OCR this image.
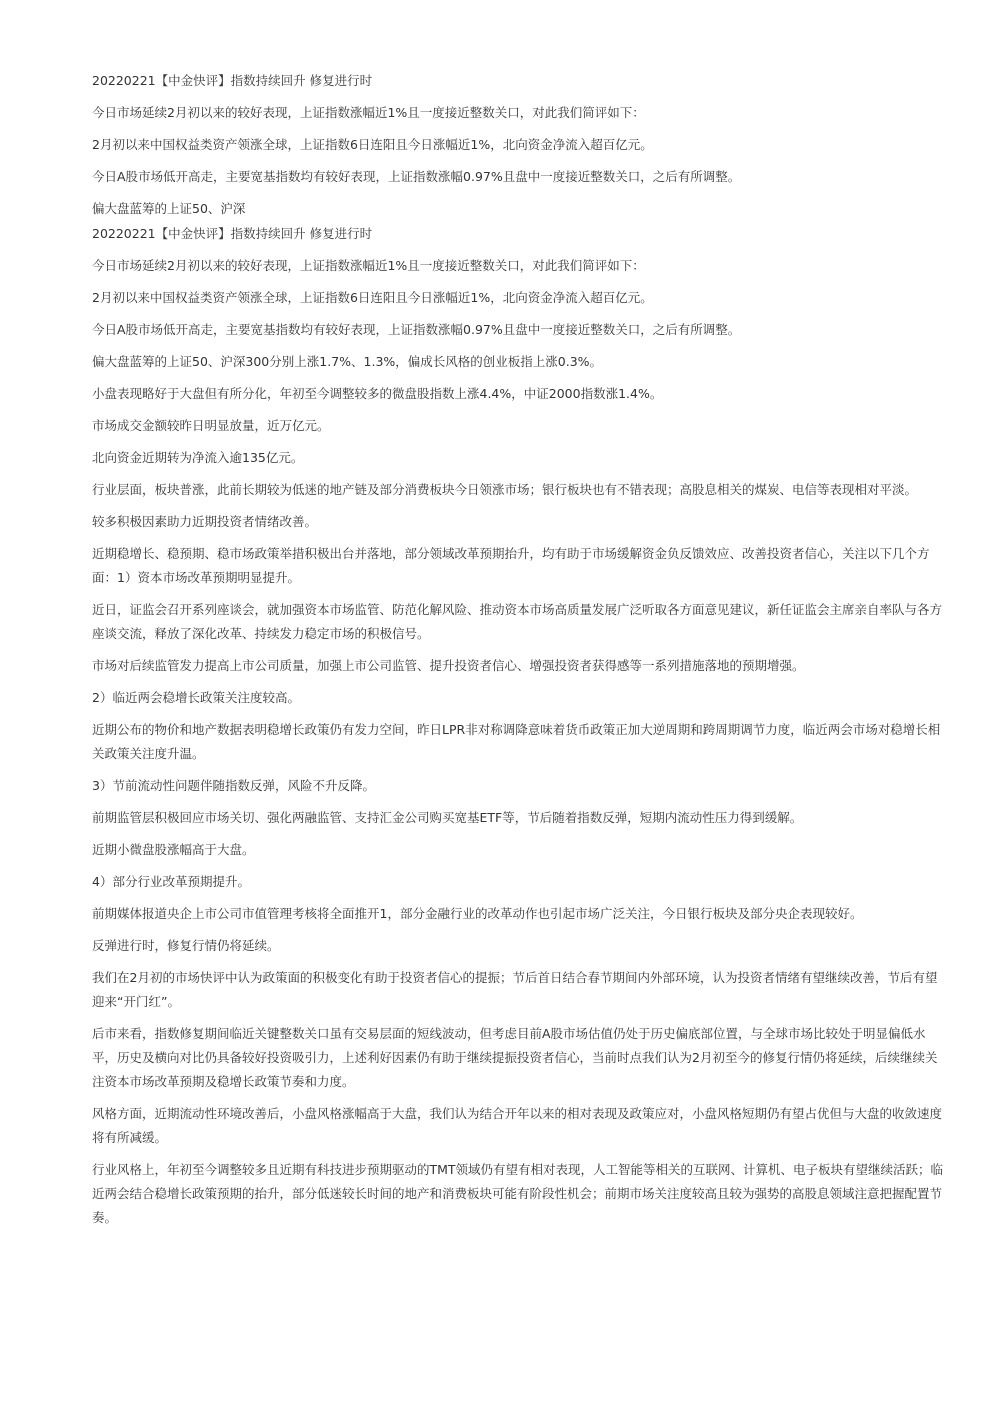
20220221【中金快评】指数持续回升 修复进行时

今日市场延续2月初以来的较好表现，上证指数涨幅近1%且一度接近整数关口，对此我们简评如下：

2月初以来中国权益类资产领涨全球，上证指数6日连阳且今日涨幅近1%，北向资金净流入超百亿元。

今日A股市场低开高走，主要宽基指数均有较好表现，上证指数涨幅0.97%且盘中一度接近整数关口，之后有所调整。

偏大盘蓝筹的上证50、沪深

20220221【中金快评】指数持续回升 修复进行时

今日市场延续2月初以来的较好表现，上证指数涨幅近1%且一度接近整数关口，对此我们简评如下：

2月初以来中国权益类资产领涨全球，上证指数6日连阳且今日涨幅近1%，北向资金净流入超百亿元。

今日A股市场低开高走，主要宽基指数均有较好表现，上证指数涨幅0.97%且盘中一度接近整数关口，之后有所调整。

偏大盘蓝筹的上证50、沪深300分别上涨1.7%、1.3%，偏成长风格的创业板指上涨0.3%。

小盘表现略好于大盘但有所分化，年初至今调整较多的微盘股指数上涨4.4%，中证2000指数涨1.4%。

市场成交金额较昨日明显放量，近万亿元。

北向资金近期转为净流入逾135亿元。

行业层面，板块普涨，此前长期较为低迷的地产链及部分消费板块今日领涨市场；银行板块也有不错表现；高股息相关的煤炭、电信等表现相对平淡。

较多积极因素助力近期投资者情绪改善。

近期稳增长、稳预期、稳市场政策举措积极出台并落地，部分领域改革预期抬升，均有助于市场缓解资金负反馈效应、改善投资者信心，关注以下几个方面：1）资本市场改革预期明显提升。

近日，证监会召开系列座谈会，就加强资本市场监管、防范化解风险、推动资本市场高质量发展广泛听取各方面意见建议，新任证监会主席亲自率队与各方座谈交流，释放了深化改革、持续发力稳定市场的积极信号。

市场对后续监管发力提高上市公司质量，加强上市公司监管、提升投资者信心、增强投资者获得感等一系列措施落地的预期增强。

2）临近两会稳增长政策关注度较高。

近期公布的物价和地产数据表明稳增长政策仍有发力空间，昨日LPR非对称调降意味着货币政策正加大逆周期和跨周期调节力度，临近两会市场对稳增长相关政策关注度升温。

3）节前流动性问题伴随指数反弹，风险不升反降。

前期监管层积极回应市场关切、强化两融监管、支持汇金公司购买宽基ETF等，节后随着指数反弹，短期内流动性压力得到缓解。

近期小微盘股涨幅高于大盘。

4）部分行业改革预期提升。

前期媒体报道央企上市公司市值管理考核将全面推开1，部分金融行业的改革动作也引起市场广泛关注，今日银行板块及部分央企表现较好。

反弹进行时，修复行情仍将延续。

我们在2月初的市场快评中认为政策面的积极变化有助于投资者信心的提振；节后首日结合春节期间内外部环境，认为投资者情绪有望继续改善，节后有望迎来“开门红”。

后市来看，指数修复期间临近关键整数关口虽有交易层面的短线波动，但考虑目前A股市场估值仍处于历史偏底部位置，与全球市场比较处于明显偏低水平，历史及横向对比仍具备较好投资吸引力，上述利好因素仍有助于继续提振投资者信心，当前时点我们认为2月初至今的修复行情仍将延续，后续继续关注资本市场改革预期及稳增长政策节奏和力度。

风格方面，近期流动性环境改善后，小盘风格涨幅高于大盘，我们认为结合开年以来的相对表现及政策应对，小盘风格短期仍有望占优但与大盘的收敛速度将有所减缓。

行业风格上，年初至今调整较多且近期有科技进步预期驱动的TMT领域仍有望有相对表现，人工智能等相关的互联网、计算机、电子板块有望继续活跃；临近两会结合稳增长政策预期的抬升，部分低迷较长时间的地产和消费板块可能有阶段性机会；前期市场关注度较高且较为强势的高股息领域注意把握配置节奏。
